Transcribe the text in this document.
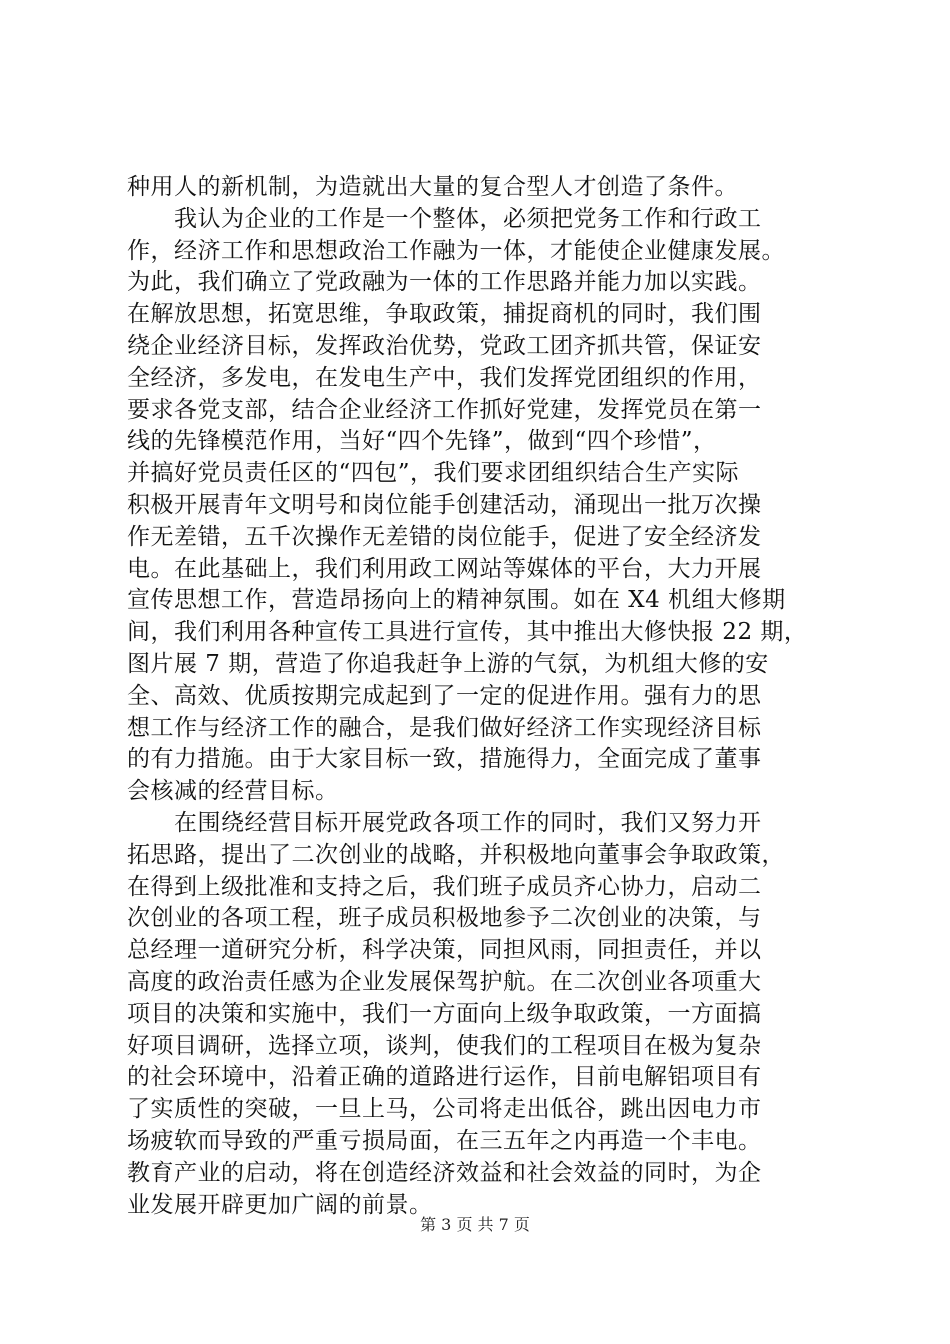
种用人的新机制，为造就出大量的复合型人才创造了条件。
　　我认为企业的工作是一个整体，必须把党务工作和行政工
作，经济工作和思想政治工作融为一体，才能使企业健康发展。
为此，我们确立了党政融为一体的工作思路并能力加以实践。
在解放思想，拓宽思维，争取政策，捕捉商机的同时，我们围
绕企业经济目标，发挥政治优势，党政工团齐抓共管，保证安
全经济，多发电，在发电生产中，我们发挥党团组织的作用，
要求各党支部，结合企业经济工作抓好党建，发挥党员在第一
线的先锋模范作用，当好“四个先锋”，做到“四个珍惜”，
并搞好党员责任区的“四包”，我们要求团组织结合生产实际
积极开展青年文明号和岗位能手创建活动，涌现出一批万次操
作无差错，五千次操作无差错的岗位能手，促进了安全经济发
电。在此基础上，我们利用政工网站等媒体的平台，大力开展
宣传思想工作，营造昂扬向上的精神氛围。如在 X4 机组大修期
间，我们利用各种宣传工具进行宣传，其中推出大修快报 22 期，
图片展 7 期，营造了你追我赶争上游的气氛，为机组大修的安
全、高效、优质按期完成起到了一定的促进作用。强有力的思
想工作与经济工作的融合，是我们做好经济工作实现经济目标
的有力措施。由于大家目标一致，措施得力，全面完成了董事
会核减的经营目标。
　　在围绕经营目标开展党政各项工作的同时，我们又努力开
拓思路，提出了二次创业的战略，并积极地向董事会争取政策，
在得到上级批准和支持之后，我们班子成员齐心协力，启动二
次创业的各项工程，班子成员积极地参予二次创业的决策，与
总经理一道研究分析，科学决策，同担风雨，同担责任，并以
高度的政治责任感为企业发展保驾护航。在二次创业各项重大
项目的决策和实施中，我们一方面向上级争取政策，一方面搞
好项目调研，选择立项，谈判，使我们的工程项目在极为复杂
的社会环境中，沿着正确的道路进行运作，目前电解铝项目有
了实质性的突破，一旦上马，公司将走出低谷，跳出因电力市
场疲软而导致的严重亏损局面，在三五年之内再造一个丰电。
教育产业的启动，将在创造经济效益和社会效益的同时，为企
业发展开辟更加广阔的前景。
第 3 页 共 7 页
